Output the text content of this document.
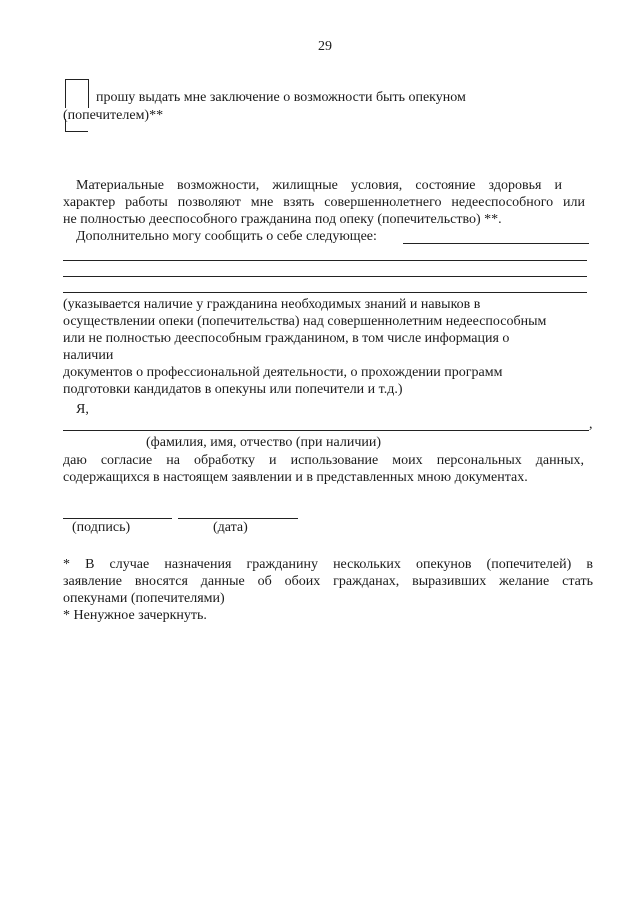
29
прошу выдать мне заключение о возможности быть опекуном
(попечителем)**
Материальные возможности, жилищные условия, состояние здоровья и
характер работы позволяют мне взять совершеннолетнего недееспособного или
не полностью дееспособного гражданина под опеку (попечительство) **.
Дополнительно могу сообщить о себе следующее:
(указывается наличие у гражданина необходимых знаний и навыков в
осуществлении опеки (попечительства) над совершеннолетним недееспособным
или не полностью дееспособным гражданином, в том числе информация о
наличии
документов о профессиональной деятельности, о прохождении программ
подготовки кандидатов в опекуны или попечители и т.д.)
Я,
,
(фамилия, имя, отчество (при наличии)
даю согласие на обработку и использование моих персональных данных,
содержащихся в настоящем заявлении и в представленных мною документах.
(подпись)	(дата)
* В случае назначения гражданину нескольких опекунов (попечителей) в
заявление вносятся данные об обоих гражданах, выразивших желание стать
опекунами (попечителями)
* Ненужное зачеркнуть.
